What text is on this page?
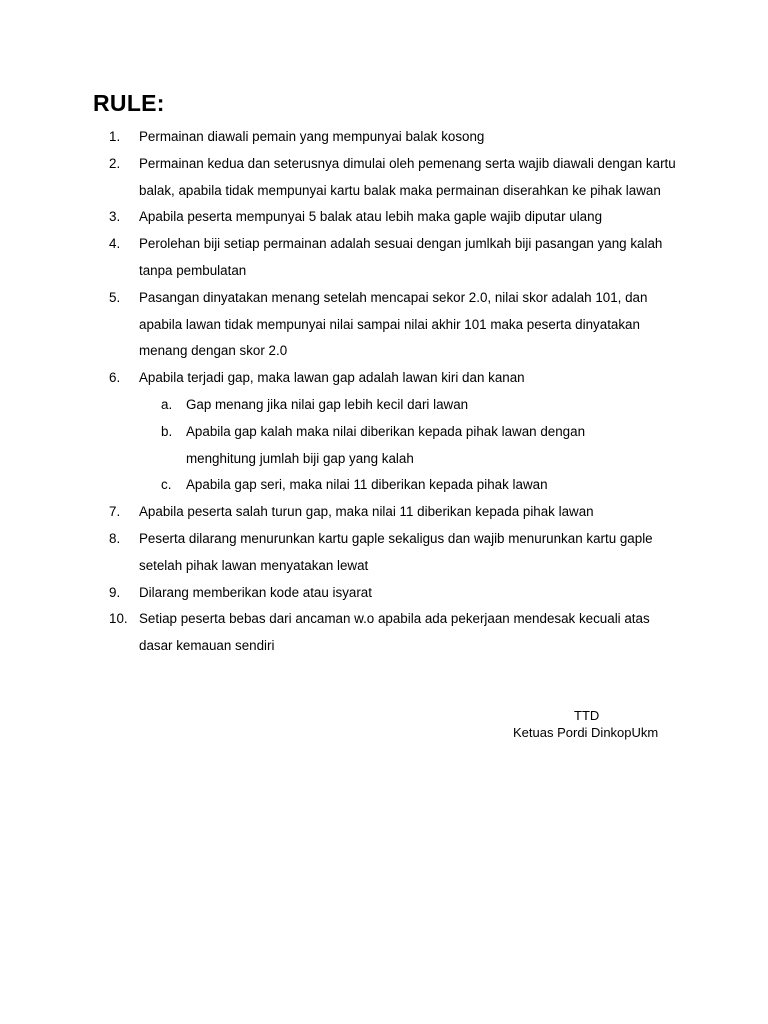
RULE:
1.	Permainan diawali pemain yang mempunyai balak kosong
2.	Permainan kedua dan seterusnya dimulai oleh pemenang serta wajib diawali dengan kartu balak, apabila tidak mempunyai kartu balak maka permainan diserahkan ke pihak lawan
3.	Apabila peserta mempunyai 5 balak atau lebih maka gaple wajib diputar ulang
4.	Perolehan biji setiap permainan adalah sesuai dengan jumlkah biji pasangan yang kalah tanpa pembulatan
5.	Pasangan dinyatakan menang setelah mencapai sekor 2.0, nilai skor adalah 101, dan apabila lawan tidak mempunyai nilai sampai nilai akhir 101 maka peserta dinyatakan menang dengan skor 2.0
6.	Apabila terjadi gap, maka lawan gap adalah lawan kiri dan kanan
a. Gap menang jika nilai gap lebih kecil dari lawan
b. Apabila gap kalah maka nilai diberikan kepada pihak lawan dengan menghitung jumlah biji gap yang kalah
c. Apabila gap seri, maka nilai 11 diberikan kepada pihak lawan
7.	Apabila peserta salah turun gap, maka nilai 11 diberikan kepada pihak lawan
8.	Peserta dilarang menurunkan kartu gaple sekaligus dan wajib menurunkan kartu gaple setelah pihak lawan menyatakan lewat
9.	Dilarang memberikan kode atau isyarat
10. Setiap peserta bebas dari ancaman w.o apabila ada pekerjaan mendesak kecuali atas dasar kemauan sendiri
TTD
Ketuas Pordi DinkopUkm
